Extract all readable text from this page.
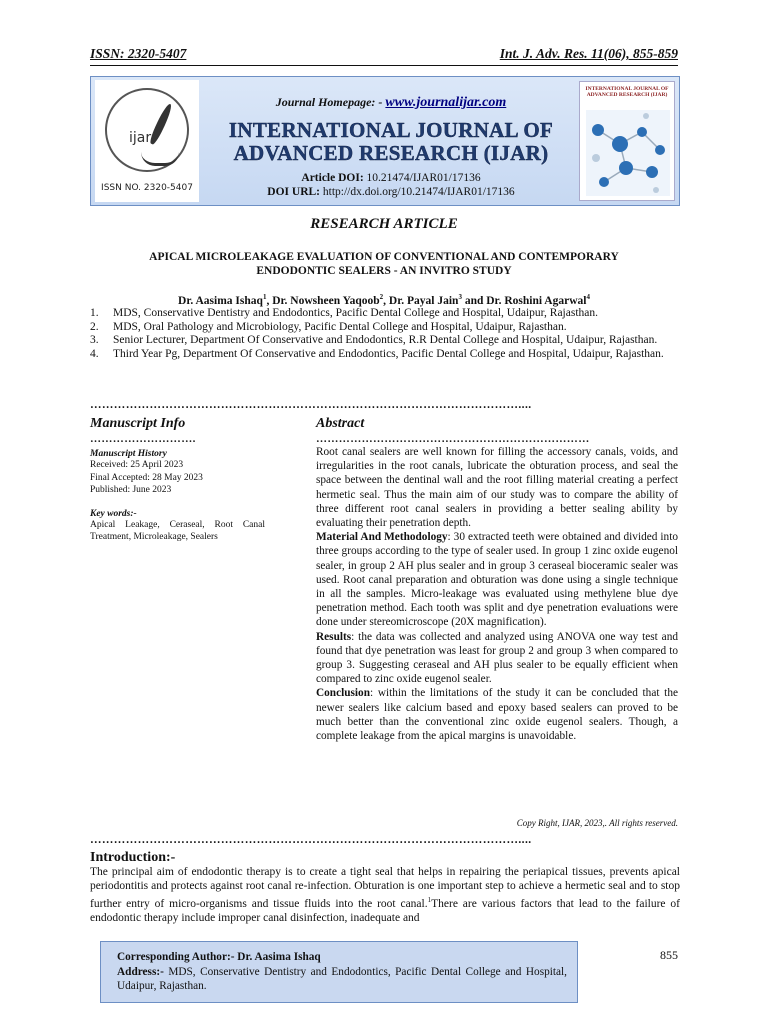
ISSN: 2320-5407	Int. J. Adv. Res. 11(06), 855-859
ijar
ISSN NO. 2320-5407
Journal Homepage: - www.journalijar.com
INTERNATIONAL JOURNAL OF
ADVANCED RESEARCH (IJAR)
Article DOI: 10.21474/IJAR01/17136
DOI URL: http://dx.doi.org/10.21474/IJAR01/17136
INTERNATIONAL JOURNAL OF ADVANCED RESEARCH (IJAR)
RESEARCH ARTICLE
APICAL MICROLEAKAGE EVALUATION OF CONVENTIONAL AND CONTEMPORARY ENDODONTIC SEALERS - AN INVITRO STUDY
Dr. Aasima Ishaq$^1$, Dr. Nowsheen Yaqoob$^2$, Dr. Payal Jain$^3$ and Dr. Roshini Agarwal$^4$
1.	MDS, Conservative Dentistry and Endodontics, Pacific Dental College and Hospital, Udaipur, Rajasthan.
2.	MDS, Oral Pathology and Microbiology, Pacific Dental College and Hospital, Udaipur, Rajasthan.
3.	Senior Lecturer, Department Of Conservative and Endodontics, R.R Dental College and Hospital, Udaipur, Rajasthan.
4.	Third Year Pg, Department Of Conservative and Endodontics, Pacific Dental College and Hospital, Udaipur, Rajasthan.
………………………………………………………………………………………………....
Manuscript Info
……………………….
Manuscript History
Received: 25 April 2023
Final Accepted: 28 May 2023
Published: June 2023
Key words:-
Apical Leakage, Ceraseal, Root Canal Treatment, Microleakage, Sealers
Abstract
………………………………………………………………

Root canal sealers are well known for filling the accessory canals, voids, and irregularities in the root canals, lubricate the obturation process, and seal the space between the dentinal wall and the root filling material creating a perfect hermetic seal. Thus the main aim of our study was to compare the ability of three different root canal sealers in providing a better sealing ability by evaluating their penetration depth.

Material And Methodology: 30 extracted teeth were obtained and divided into three groups according to the type of sealer used. In group 1 zinc oxide eugenol sealer, in group 2 AH plus sealer and in group 3 ceraseal bioceramic sealer was used. Root canal preparation and obturation was done using a single technique in all the samples. Micro-leakage was evaluated using methylene blue dye penetration method. Each tooth was split and dye penetration evaluations were done under stereomicroscope (20X magnification).

Results: the data was collected and analyzed using ANOVA one way test and found that dye penetration was least for group 2 and group 3 when compared to group 3. Suggesting ceraseal and AH plus sealer to be equally efficient when compared to zinc oxide eugenol sealer.

Conclusion: within the limitations of the study it can be concluded that the newer sealers like calcium based and epoxy based sealers can proved to be much better than the conventional zinc oxide eugenol sealers. Though, a complete leakage from the apical margins is unavoidable.

Copy Right, IJAR, 2023,. All rights reserved.
………………………………………………………………………………………………....
Introduction:-
The principal aim of endodontic therapy is to create a tight seal that helps in repairing the periapical tissues, prevents apical periodontitis and protects against root canal re-infection. Obturation is one important step to achieve a hermetic seal and to stop further entry of micro-organisms and tissue fluids into the root canal.$^1$There are various factors that lead to the failure of endodontic therapy include improper canal disinfection, inadequate and
Corresponding Author:- Dr. Aasima Ishaq
Address:- MDS, Conservative Dentistry and Endodontics, Pacific Dental College and Hospital, Udaipur, Rajasthan.
855
